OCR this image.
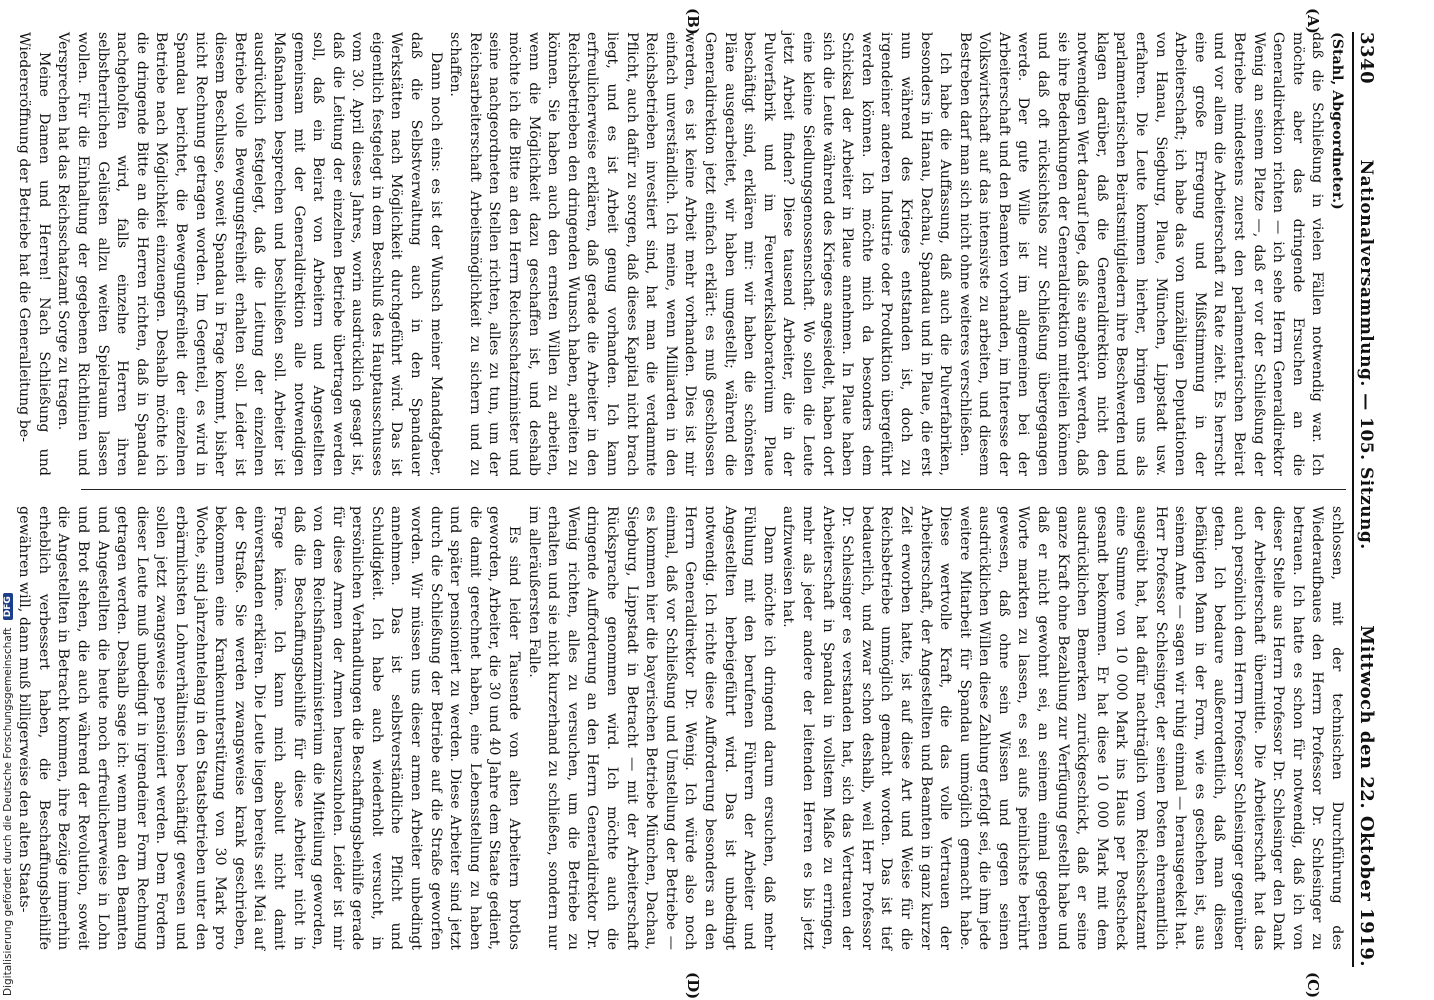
3340
Nationalversammlung. — 105. Sitzung.
Mittwoch den 22. Oktober 1919.
(A)
(B)
(C)
(D)

(Stahl, Abgeordneter.)

daß die Schließung in vielen Fällen notwendig war. Ich möchte aber das dringende Ersuchen an die Generaldirektion richten — ich sehe Herrn Generaldirektor Wenig an seinem Platze —, daß er vor der Schließung der Betriebe mindestens zuerst den parlamentarischen Beirat und vor allem die Arbeiterschaft zu Rate zieht. Es herrscht eine große Erregung und Mißstimmung in der Arbeiterschaft; ich habe das von unzähligen Deputationen von Hanau, Siegburg, Plaue, München, Lippstadt usw. erfahren. Die Leute kommen hierher, bringen uns als parlamentarischen Beiratsmitgliedern ihre Beschwerden und klagen darüber, daß die Generaldirektion nicht den notwendigen Wert darauf lege, daß sie angehört werden, daß sie ihre Bedenkungen der Generaldirektion mitteilen können und daß oft rücksichtslos zur Schließung übergegangen werde. Der gute Wille ist im allgemeinen bei der Arbeiterschaft und den Beamten vorhanden, im Interesse der Volkswirtschaft auf das intensivste zu arbeiten, und diesem Bestreben darf man sich nicht ohne weiteres verschließen.

Ich habe die Auffassung, daß auch die Pulverfabriken, besonders in Hanau, Dachau, Spandau und in Plaue, die erst nun während des Krieges entstanden ist, doch zu irgendeiner anderen Industrie oder Produktion übergeführt werden können. Ich möchte mich da besonders dem Schicksal der Arbeiter in Plaue annehmen. In Plaue haben sich die Leute während des Krieges angesiedelt, haben dort eine kleine Siedlungsgenossenschaft. Wo sollen die Leute jetzt Arbeit finden? Diese tausend Arbeiter, die in der Pulverfabrik und im Feuerwerkslaboratorium Plaue beschäftigt sind, erklären mir: wir haben die schönsten Pläne ausgearbeitet, wir haben umgestellt; während die Generaldirektion jetzt einfach erklärt: es muß geschlossen werden, es ist keine Arbeit mehr vorhanden. Dies ist mir einfach unverständlich. Ich meine, wenn Milliarden in den Reichsbetrieben investiert sind, hat man die verdammte Pflicht, auch dafür zu sorgen, daß dieses Kapital nicht brach liegt, und es ist Arbeit genug vorhanden. Ich kann erfreulicherweise erklären, daß gerade die Arbeiter in den Reichsbetrieben den dringenden Wunsch haben, arbeiten zu können. Sie haben auch den ernsten Willen zu arbeiten, wenn die Möglichkeit dazu geschaffen ist, und deshalb möchte ich die Bitte an den Herrn Reichsschatzminister und seine nachgeordneten Stellen richten, alles zu tun, um der Reichsarbeiterschaft Arbeitsmöglichkeit zu sichern und zu schaffen.

Dann noch eins: es ist der Wunsch meiner Mandatgeber, daß die Selbstverwaltung auch in den Spandauer Werkstätten nach Möglichkeit durchgeführt wird. Das ist eigentlich festgelegt in dem Beschluß des Hauptausschusses vom 30. April dieses Jahres, worin ausdrücklich gesagt ist, daß die Leitung der einzelnen Betriebe übertragen werden soll, daß ein Beirat von Arbeitern und Angestellten gemeinsam mit der Generaldirektion alle notwendigen Maßnahmen besprechen und beschließen soll. Arbeiter ist ausdrücklich festgelegt, daß die Leitung der einzelnen Betriebe volle Bewegungsfreiheit erhalten soll. Leider ist diesem Beschlusse, soweit Spandau in Frage kommt, bisher nicht Rechnung getragen worden. Im Gegenteil, es wird in Spandau berichtet, die Bewegungsfreiheit der einzelnen Betriebe nach Möglichkeit einzuengen. Deshalb möchte ich die dringende Bitte an die Herren richten, daß in Spandau nachgeholfen wird, falls einzelne Herren ihren selbstherrlichen Gelüsten allzu weiten Spielraum lassen wollen. Für die Einhaltung der gegebenen Richtlinien und Versprechen hat das Reichsschatzamt Sorge zu tragen.

Meine Damen und Herren! Nach Schließung und Wiedereröffnung der Betriebe hat die Generalleitung be-

schlossen, mit der technischen Durchführung des Wiederaufbaues den Herrn Professor Dr. Schlesinger zu betrauen. Ich hatte es schon für notwendig, daß ich von dieser Stelle aus Herrn Professor Dr. Schlesinger den Dank der Arbeiterschaft übermittle. Die Arbeiterschaft hat das auch persönlich dem Herrn Professor Schlesinger gegenüber getan. Ich bedaure außerordentlich, daß man diesen befähigten Mann in der Form, wie es geschehen ist, aus seinem Amte — sagen wir ruhig einmal — herausgeekelt hat. Herr Professor Schlesinger, der seinen Posten ehrenamtlich ausgeübt hat, hat dafür nachträglich vom Reichsschatzamt eine Summe von 10 000 Mark ins Haus per Postscheck gesandt bekommen. Er hat diese 10 000 Mark mit dem ausdrücklichen Bemerken zurückgeschickt, daß er seine ganze Kraft ohne Bezahlung zur Verfügung gestellt habe und daß er nicht gewohnt sei, an seinem einmal gegebenen Worte markten zu lassen, es sei aufs peinlichste berührt gewesen, daß ohne sein Wissen und gegen seinen ausdrücklichen Willen diese Zahlung erfolgt sei, die ihm jede weitere Mitarbeit für Spandau unmöglich gemacht habe. Diese wertvolle Kraft, die das volle Vertrauen der Arbeiterschaft, der Angestellten und Beamten in ganz kurzer Zeit erworben hatte, ist auf diese Art und Weise für die Reichsbetriebe unmöglich gemacht worden. Das ist tief bedauerlich, und zwar schon deshalb, weil Herr Professor Dr. Schlesinger es verstanden hat, sich das Vertrauen der Arbeiterschaft in Spandau in vollstem Maße zu erringen, mehr als jeder andere der leitenden Herren es bis jetzt aufzuweisen hat.

Dann möchte ich dringend darum ersuchen, daß mehr Fühlung mit den berufenen Führern der Arbeiter und Angestellten herbeigeführt wird. Das ist unbedingt notwendig. Ich richte diese Aufforderung besonders an den Herrn Generaldirektor Dr. Wenig. Ich würde also noch einmal, daß vor Schließung und Umstellung der Betriebe — es kommen hier die bayerischen Betriebe München, Dachau, Siegburg, Lippstadt in Betracht — mit der Arbeiterschaft Rücksprache genommen wird. Ich möchte auch die dringende Aufforderung an den Herrn Generaldirektor Dr. Wenig richten, alles zu versuchen, um die Betriebe zu erhalten und sie nicht kurzerhand zu schließen, sondern nur im alleräußersten Falle.

Es sind leider Tausende von alten Arbeitern brotlos geworden, Arbeiter, die 30 und 40 Jahre dem Staate gedient, die damit gerechnet haben, eine Lebensstellung zu haben und später pensioniert zu werden. Diese Arbeiter sind jetzt durch die Schließung der Betriebe auf die Straße geworfen worden. Wir müssen uns dieser armen Arbeiter unbedingt annehmen. Das ist selbstverständliche Pflicht und Schuldigkeit. Ich habe auch wiederholt versucht, in persönlichen Verhandlungen die Beschaffungsbeihilfe gerade für diese Armen der Armen herauszuholen. Leider ist mir von dem Reichsfinanzministerium die Mitteilung geworden, daß die Beschaffungsbeihilfe für diese Arbeiter nicht in Frage käme. Ich kann mich absolut nicht damit einverstanden erklären. Die Leute liegen bereits seit Mai auf der Straße. Sie werden zwangsweise krank geschrieben, bekommen eine Krankenunterstützung von 30 Mark pro Woche, sind jahrzehntelang in den Staatsbetrieben unter den erbärmlichsten Lohnverhältnissen beschäftigt gewesen und sollen jetzt zwangsweise pensioniert werden. Dem Fordern dieser Leute muß unbedingt in irgendeiner Form Rechnung getragen werden. Deshalb sage ich: wenn man den Beamten und Angestellten die heute noch erfreulicherweise in Lohn und Brot stehen, die auch während der Revolution, soweit die Angestellten in Betracht kommen, ihre Bezüge immerhin erheblich verbessert haben, die Beschaffungsbeihilfe gewähren will, dann muß billigerweise den alten Staats-

Digitalisierung gefördert durch die Deutsche Forschungsgemeinschaft DFG
